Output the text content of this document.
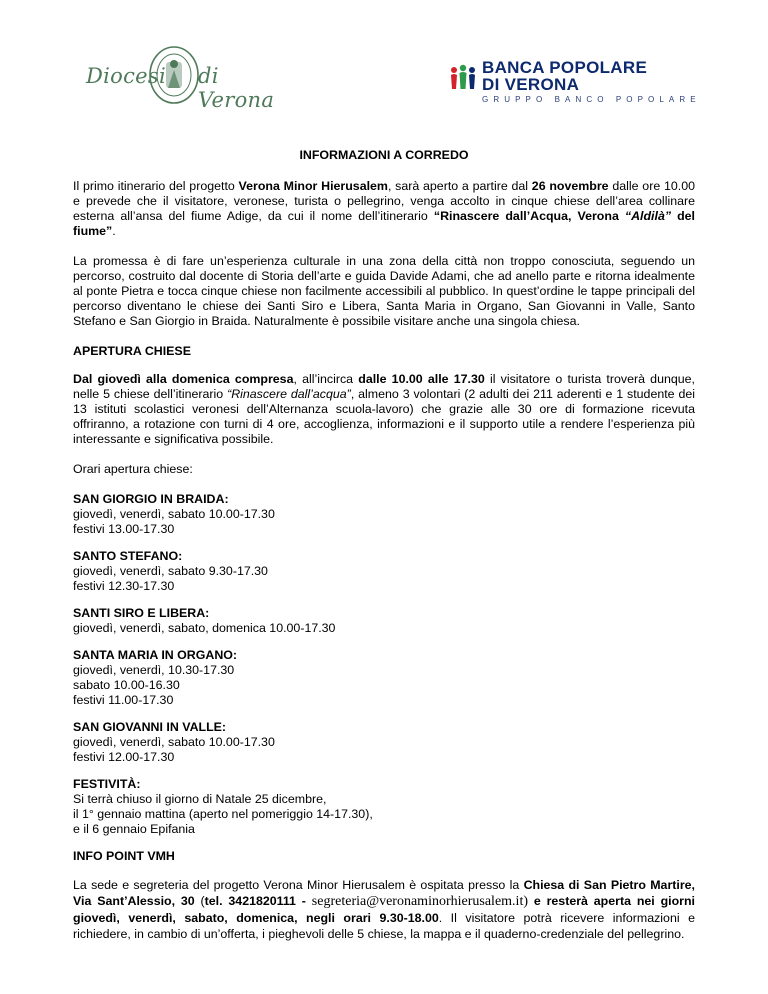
Diocesi di Verona
BANCA POPOLARE
DI VERONA
GRUPPO BANCO POPOLARE
INFORMAZIONI A CORREDO

Il primo itinerario del progetto Verona Minor Hierusalem, sarà aperto a partire dal 26 novembre dalle ore 10.00 e prevede che il visitatore, veronese, turista o pellegrino, venga accolto in cinque chiese dell’area collinare esterna all’ansa del fiume Adige, da cui il nome dell’itinerario “Rinascere dall’Acqua, Verona “Aldilà” del fiume”.

La promessa è di fare un’esperienza culturale in una zona della città non troppo conosciuta, seguendo un percorso, costruito dal docente di Storia dell’arte e guida Davide Adami, che ad anello parte e ritorna idealmente al ponte Pietra e tocca cinque chiese non facilmente accessibili al pubblico. In quest’ordine le tappe principali del percorso diventano le chiese dei Santi Siro e Libera, Santa Maria in Organo, San Giovanni in Valle, Santo Stefano e San Giorgio in Braida. Naturalmente è possibile visitare anche una singola chiesa.

APERTURA CHIESE

Dal giovedì alla domenica compresa, all’incirca dalle 10.00 alle 17.30 il visitatore o turista troverà dunque, nelle 5 chiese dell’itinerario “Rinascere dall’acqua”, almeno 3 volontari (2 adulti dei 211 aderenti e 1 studente dei 13 istituti scolastici veronesi dell’Alternanza scuola-lavoro) che grazie alle 30 ore di formazione ricevuta offriranno, a rotazione con turni di 4 ore, accoglienza, informazioni e il supporto utile a rendere l’esperienza più interessante e significativa possibile.

Orari apertura chiese:

SAN GIORGIO IN BRAIDA:
giovedì, venerdì, sabato 10.00-17.30
festivi 13.00-17.30
SANTO STEFANO:
giovedì, venerdì, sabato 9.30-17.30
festivi 12.30-17.30
SANTI SIRO E LIBERA:
giovedì, venerdì, sabato, domenica 10.00-17.30
SANTA MARIA IN ORGANO:
giovedì, venerdì, 10.30-17.30
sabato 10.00-16.30
festivi 11.00-17.30
SAN GIOVANNI IN VALLE:
giovedì, venerdì, sabato 10.00-17.30
festivi 12.00-17.30
FESTIVITÀ:
Si terrà chiuso il giorno di Natale 25 dicembre,
il 1° gennaio mattina (aperto nel pomeriggio 14-17.30),
e il 6 gennaio Epifania
INFO POINT VMH

La sede e segreteria del progetto Verona Minor Hierusalem è ospitata presso la Chiesa di San Pietro Martire, Via Sant’Alessio, 30 (tel. 3421820111 - segreteria@veronaminorhierusalem.it) e resterà aperta nei giorni giovedì, venerdì, sabato, domenica, negli orari 9.30-18.00. Il visitatore potrà ricevere informazioni e richiedere, in cambio di un’offerta, i pieghevoli delle 5 chiese, la mappa e il quaderno-credenziale del pellegrino.
